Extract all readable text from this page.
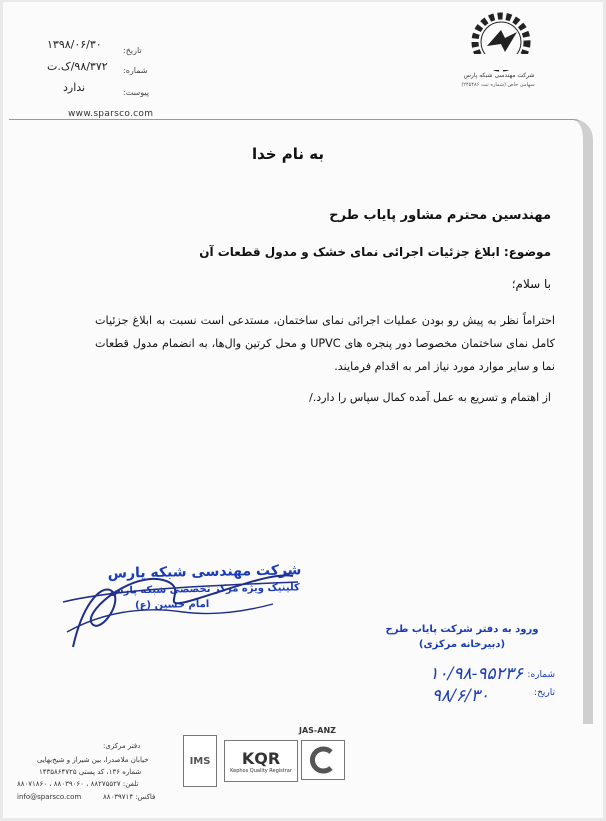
شرکت مهندسی شبکه پارس
سهامی خاص (شماره ثبت ۲۴۵۴۸۶)
تاریخ:
۱۳۹۸/۰۶/۳۰
شماره:
۹۸/۳۷۲/ک.ت
پیوست:
ندارد
www.sparsco.com
به نام خدا
مهندسین محترم مشاور پایاب طرح
موضوع: ابلاغ جزئیات اجرائی نمای خشک و مدول قطعات آن
با سلام؛
احتراماً نظر به پیش رو بودن عملیات اجرائی نمای ساختمان، مستدعی است نسبت به ابلاغ جزئیات کامل نمای ساختمان مخصوصا دور پنجره های UPVC و محل کرتین وال‌ها، به انضمام مدول قطعات نما و سایر موارد مورد نیاز امر به اقدام فرمایند.
از اهتمام و تسریع به عمل آمده کمال سپاس را دارد./
شرکت مهندسی شبکه پارس
کلینیک ویژه مرکز تخصصی شبکه پارس
امام حسین (ع)
ورود به دفتر شرکت پایاب طرح
(دبیرخانه مرکزی)
شماره:
۱۰/۹۸-۹۵۲۳۶
تاریخ:
۹۸/۶/۳۰
دفتر مرکزی:
خیابان ملاصدرا، بین شیراز و شیخ‌بهایی
شماره ۱۳۶، کد پستی ۱۴۳۵۸۶۴۷۲۵
تلفن: ۸۸۲۷۵۵۲۷ ، ۸۸۰۳۹۰۶۰ ، ۸۸۰۷۱۸۶۰
فاکس: ۸۸۰۳۹۷۱۴
info@sparsco.com
IMS KQR
Kephos Quality Registrar
JAS-ANZ
